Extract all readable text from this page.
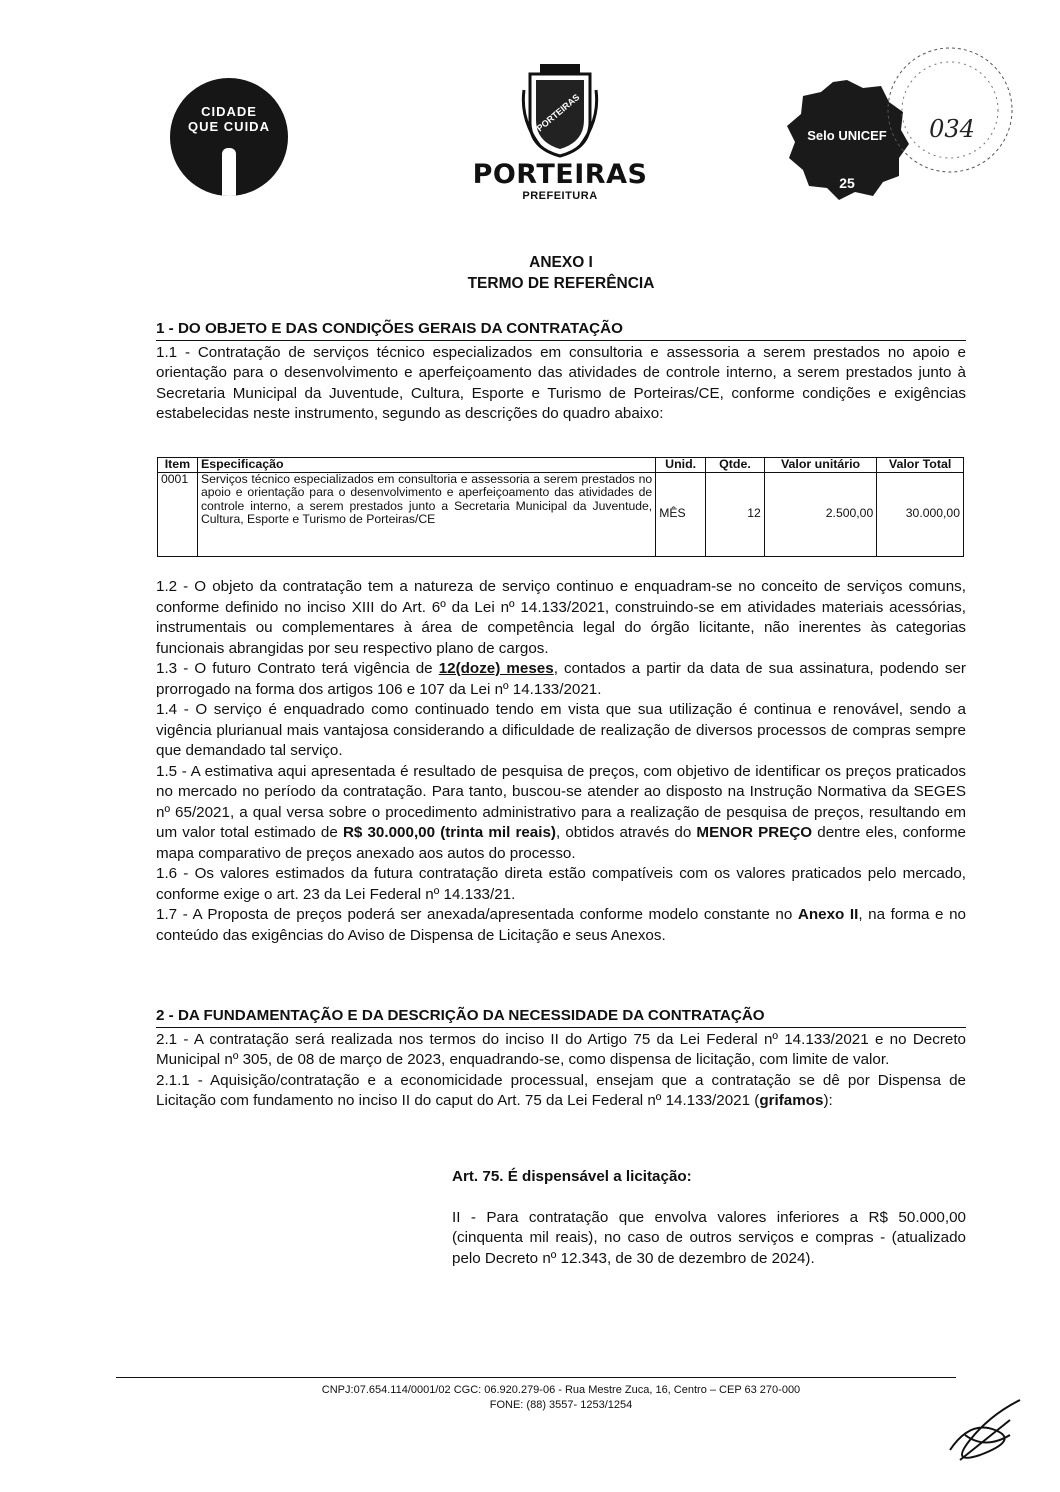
CIDADE
QUE CUIDA	PORTEIRAS
PORTEIRAS
PREFEITURA
Selo UNICEF
25
034
ANEXO I
TERMO DE REFERÊNCIA
1 - DO OBJETO E DAS CONDIÇÕES GERAIS DA CONTRATAÇÃO

1.1 - Contratação de serviços técnico especializados em consultoria e assessoria a serem prestados no apoio e orientação para o desenvolvimento e aperfeiçoamento das atividades de controle interno, a serem prestados junto à Secretaria Municipal da Juventude, Cultura, Esporte e Turismo de Porteiras/CE, conforme condições e exigências estabelecidas neste instrumento, segundo as descrições do quadro abaixo:

Item	Especificação	Unid.	Qtde.	Valor unitário	Valor Total
0001	Serviços técnico especializados em consultoria e assessoria a serem prestados no apoio e orientação para o desenvolvimento e aperfeiçoamento das atividades de controle interno, a serem prestados junto a Secretaria Municipal da Juventude, Cultura, Esporte e Turismo de Porteiras/CE	MÊS	12	2.500,00	30.000,00

1.2 - O objeto da contratação tem a natureza de serviço continuo e enquadram-se no conceito de serviços comuns, conforme definido no inciso XIII do Art. 6º da Lei nº 14.133/2021, construindo-se em atividades materiais acessórias, instrumentais ou complementares à área de competência legal do órgão licitante, não inerentes às categorias funcionais abrangidas por seu respectivo plano de cargos.

1.3 - O futuro Contrato terá vigência de 12(doze) meses, contados a partir da data de sua assinatura, podendo ser prorrogado na forma dos artigos 106 e 107 da Lei nº 14.133/2021.

1.4 - O serviço é enquadrado como continuado tendo em vista que sua utilização é continua e renovável, sendo a vigência plurianual mais vantajosa considerando a dificuldade de realização de diversos processos de compras sempre que demandado tal serviço.

1.5 - A estimativa aqui apresentada é resultado de pesquisa de preços, com objetivo de identificar os preços praticados no mercado no período da contratação. Para tanto, buscou-se atender ao disposto na Instrução Normativa da SEGES nº 65/2021, a qual versa sobre o procedimento administrativo para a realização de pesquisa de preços, resultando em um valor total estimado de R$ 30.000,00 (trinta mil reais), obtidos através do MENOR PREÇO dentre eles, conforme mapa comparativo de preços anexado aos autos do processo.

1.6 - Os valores estimados da futura contratação direta estão compatíveis com os valores praticados pelo mercado, conforme exige o art. 23 da Lei Federal nº 14.133/21.

1.7 - A Proposta de preços poderá ser anexada/apresentada conforme modelo constante no Anexo II, na forma e no conteúdo das exigências do Aviso de Dispensa de Licitação e seus Anexos.

2 - DA FUNDAMENTAÇÃO E DA DESCRIÇÃO DA NECESSIDADE DA CONTRATAÇÃO

2.1 - A contratação será realizada nos termos do inciso II do Artigo 75 da Lei Federal nº 14.133/2021 e no Decreto Municipal nº 305, de 08 de março de 2023, enquadrando-se, como dispensa de licitação, com limite de valor.

2.1.1 - Aquisição/contratação e a economicidade processual, ensejam que a contratação se dê por Dispensa de Licitação com fundamento no inciso II do caput do Art. 75 da Lei Federal nº 14.133/2021 (grifamos):

Art. 75. É dispensável a licitação:

II - Para contratação que envolva valores inferiores a R$ 50.000,00 (cinquenta mil reais), no caso de outros serviços e compras - (atualizado pelo Decreto nº 12.343, de 30 de dezembro de 2024).

CNPJ:07.654.114/0001/02 CGC: 06.920.279-06 - Rua Mestre Zuca, 16, Centro – CEP 63 270-000
FONE: (88) 3557- 1253/1254
